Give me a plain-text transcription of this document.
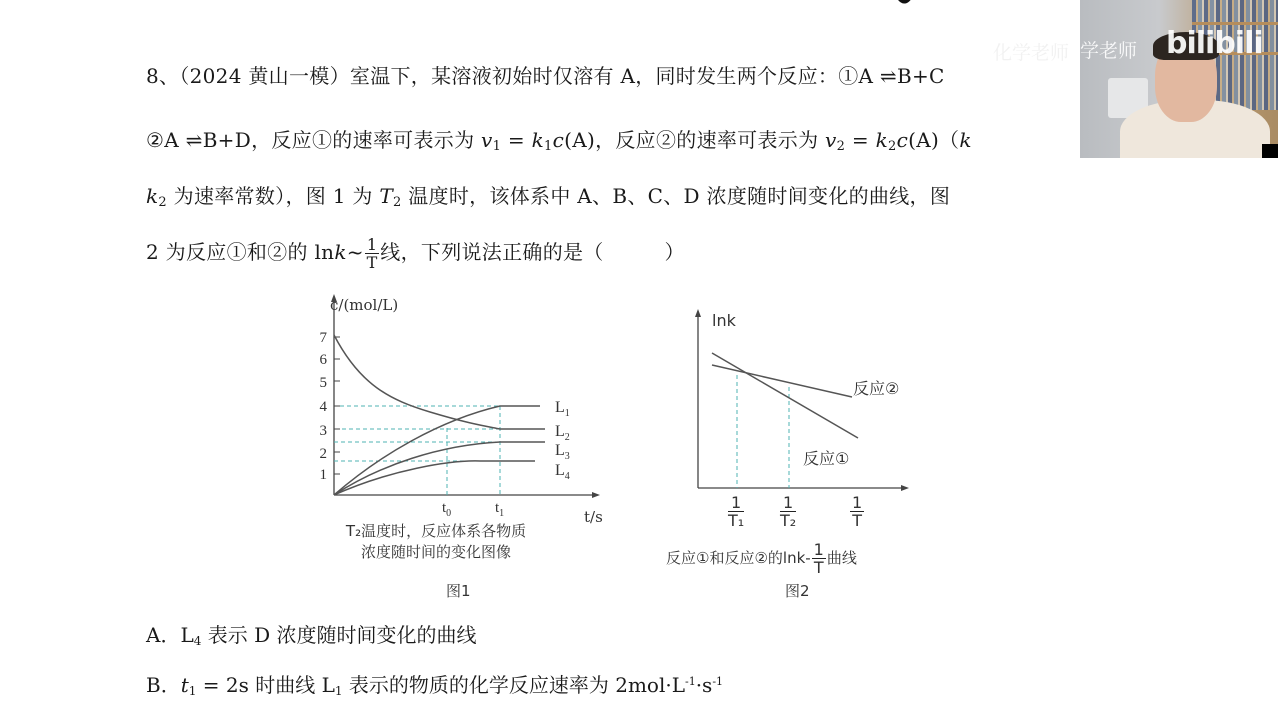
8、（2024 黄山一模）室温下，某溶液初始时仅溶有 A，同时发生两个反应：①A ⇌B+C
②A ⇌B+D，反应①的速率可表示为 $v_1 = k_1c(A)$，反应②的速率可表示为 $v_2 = k_2c(A)(k$
$k_2$ 为速率常数），图 1 为 $T_2$ 温度时，该体系中 A、B、C、D 浓度随时间变化的曲线，图
2 为反应①和②的 lnk~ $\frac{1}{T}$ 线，下列说法正确的是（　　　）
7
6
5
4
3
2
1
$L_1$
$L_2$
$L_3$
$L_4$
$t_0$	$t_1$
c/(mol/L)
t/s
T₂温度时，反应体系各物质
浓度随时间的变化图像
图1
lnk
反应②
反应①
$\frac{1}{\text{T₁}} \frac{1}{\text{T₂}}$	$\frac{1}{T}$
反应①和反应②的$\ln k- \frac{1}{T}$ 曲线
图2
A．$L_4$ 表示 D 浓度随时间变化的曲线
B．$t_1 = 2s$ 时曲线 $L_1$ 表示的物质的化学反应速率为 $2mol\cdot L^{-1}\cdot s^{-1}$
化学老师 学老师 bilibili
